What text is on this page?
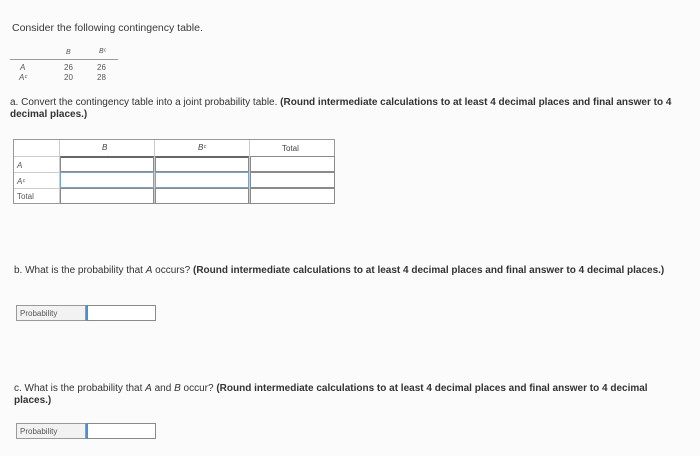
Consider the following contingency table.
B	Bᶜ
A	26	26
Aᶜ	20	28
a. Convert the contingency table into a joint probability table. (Round intermediate calculations to at least 4 decimal places and final answer to 4 decimal places.)
B	Bᶜ	Total
A
Aᶜ
Total
b. What is the probability that A occurs? (Round intermediate calculations to at least 4 decimal places and final answer to 4 decimal places.)
Probability
c. What is the probability that A and B occur? (Round intermediate calculations to at least 4 decimal places and final answer to 4 decimal places.)
Probability
